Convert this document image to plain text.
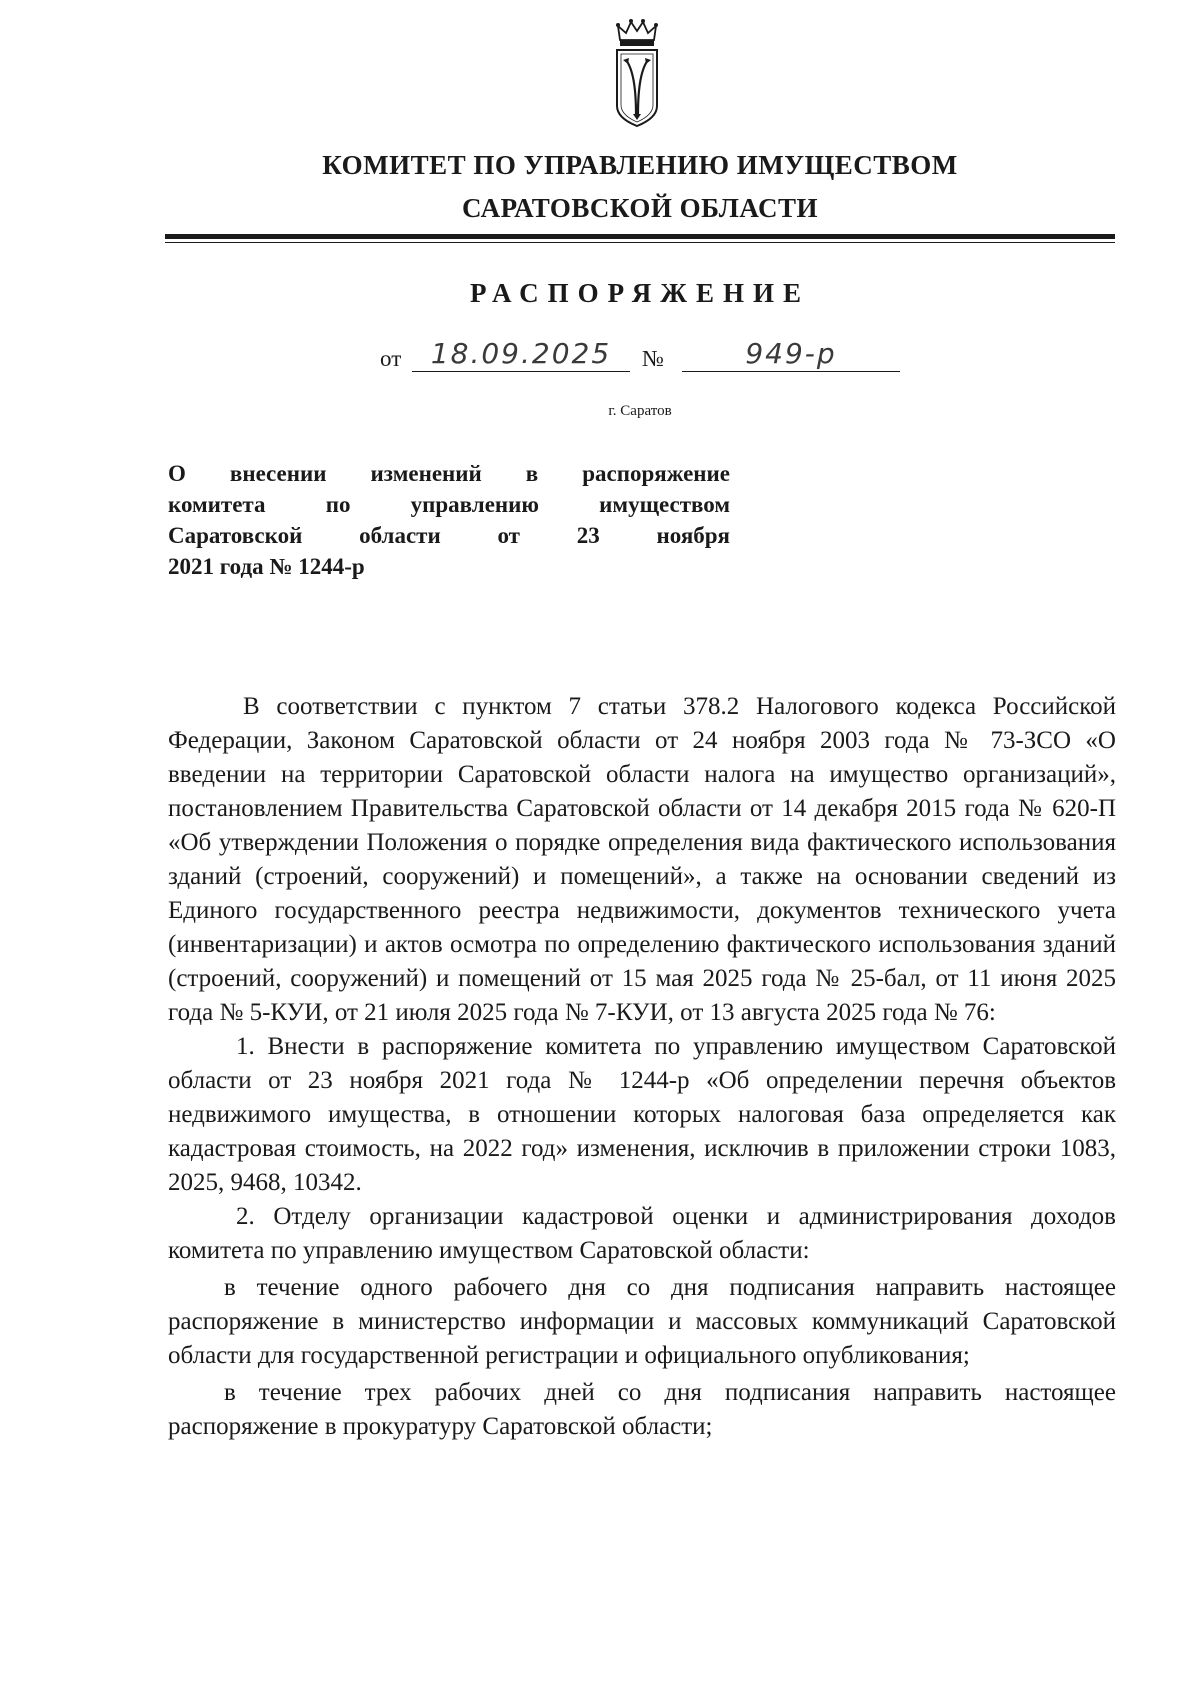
КОМИТЕТ ПО УПРАВЛЕНИЮ ИМУЩЕСТВОМ
САРАТОВСКОЙ ОБЛАСТИ
РАСПОРЯЖЕНИЕ
от	18.09.2025	№	949-р
г. Саратов
О внесении изменений в распоряжение
комитета по управлению имуществом
Саратовской области от 23 ноября
2021 года № 1244-р

В соответствии с пунктом 7 статьи 378.2 Налогового кодекса Российской Федерации, Законом Саратовской области от 24 ноября 2003 года № 73-ЗСО «О введении на территории Саратовской области налога на имущество организаций», постановлением Правительства Саратовской области от 14 декабря 2015 года № 620-П «Об утверждении Положения о порядке определения вида фактического использования зданий (строений, сооружений) и помещений», а также на основании сведений из Единого государственного реестра недвижимости, документов технического учета (инвентаризации) и актов осмотра по определению фактического использования зданий (строений, сооружений) и помещений от 15 мая 2025 года № 25-бал, от 11 июня 2025 года № 5-КУИ, от 21 июля 2025 года № 7-КУИ, от 13 августа 2025 года № 76:

1. Внести в распоряжение комитета по управлению имуществом Саратовской области от 23 ноября 2021 года № 1244-р «Об определении перечня объектов недвижимого имущества, в отношении которых налоговая база определяется как кадастровая стоимость, на 2022 год» изменения, исключив в приложении строки 1083, 2025, 9468, 10342.

2. Отделу организации кадастровой оценки и администрирования доходов комитета по управлению имуществом Саратовской области:

в течение одного рабочего дня со дня подписания направить настоящее распоряжение в министерство информации и массовых коммуникаций Саратовской области для государственной регистрации и официального опубликования;

в течение трех рабочих дней со дня подписания направить настоящее распоряжение в прокуратуру Саратовской области;
